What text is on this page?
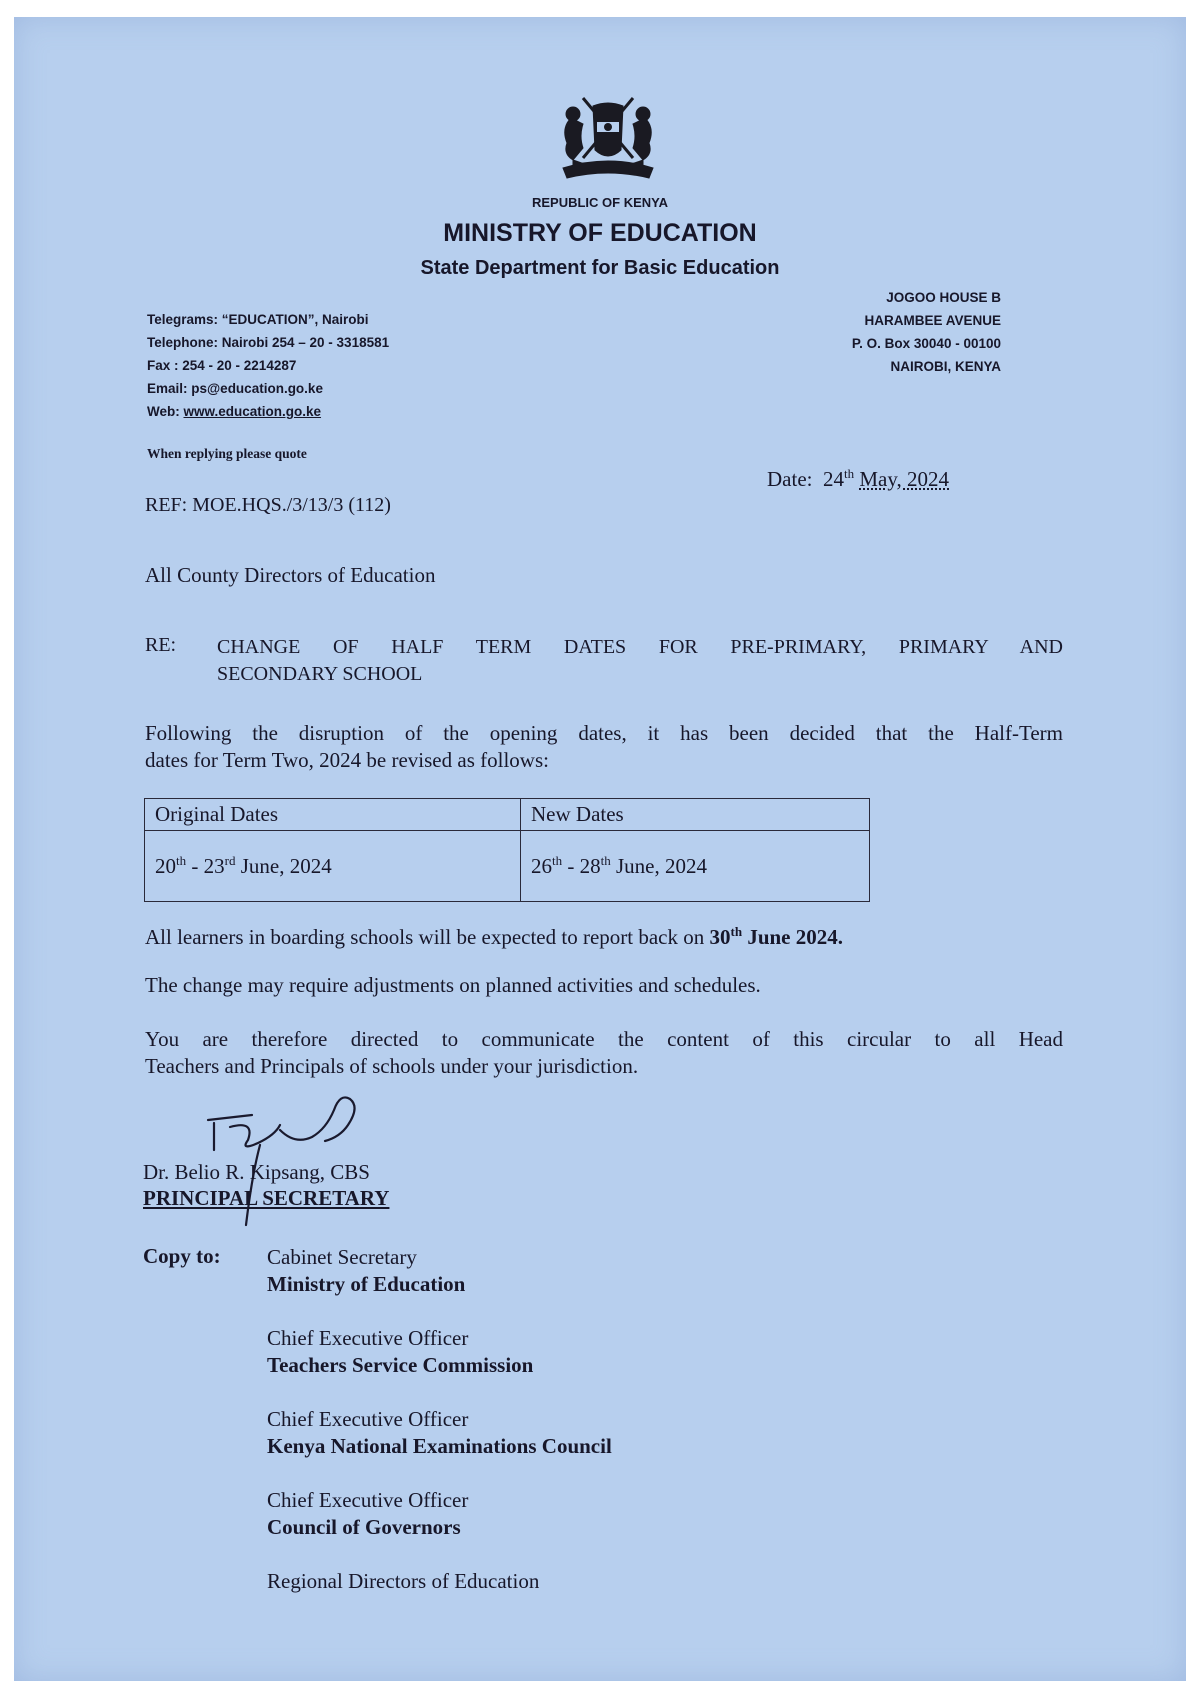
REPUBLIC OF KENYA
MINISTRY OF EDUCATION
State Department for Basic Education
Telegrams: “EDUCATION”, Nairobi
Telephone: Nairobi 254 – 20 - 3318581
Fax : 254 - 20 - 2214287
Email: ps@education.go.ke
Web: www.education.go.ke
JOGOO HOUSE B
HARAMBEE AVENUE
P. O. Box 30040 - 00100
NAIROBI, KENYA
When replying please quote
Date: 24th May, 2024
REF: MOE.HQS./3/13/3 (112)
All County Directors of Education
RE: CHANGE OF HALF TERM DATES FOR PRE-PRIMARY, PRIMARY AND
SECONDARY SCHOOL
Following the disruption of the opening dates, it has been decided that the Half-Term
dates for Term Two, 2024 be revised as follows:
Original Dates	New Dates
20th - 23rd June, 2024	26th - 28th June, 2024
All learners in boarding schools will be expected to report back on 30th June 2024.
The change may require adjustments on planned activities and schedules.
You are therefore directed to communicate the content of this circular to all Head
Teachers and Principals of schools under your jurisdiction.
Dr. Belio R. Kipsang, CBS
PRINCIPAL SECRETARY
Copy to: Cabinet Secretary
Ministry of Education
Chief Executive Officer
Teachers Service Commission
Chief Executive Officer
Kenya National Examinations Council
Chief Executive Officer
Council of Governors
Regional Directors of Education
